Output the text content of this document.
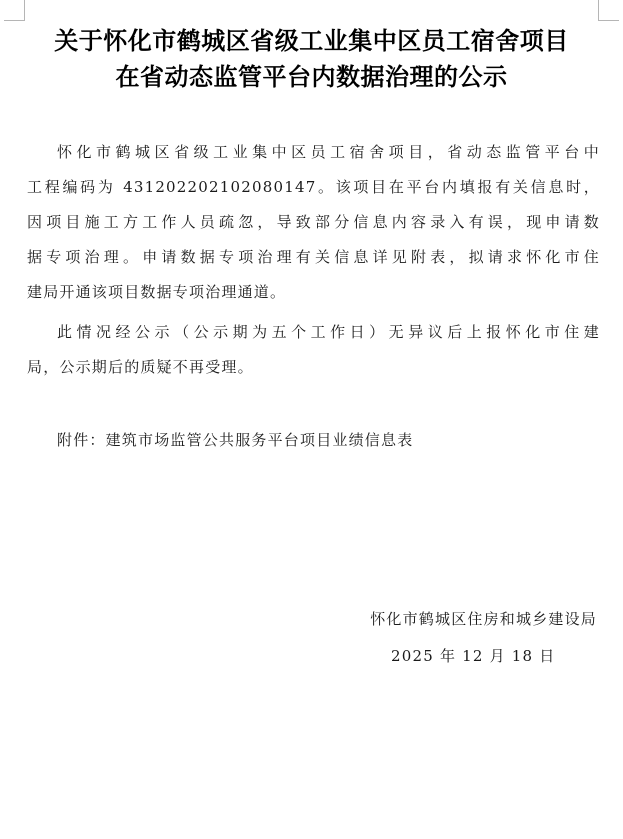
关于怀化市鹤城区省级工业集中区员工宿舍项目
在省动态监管平台内数据治理的公示
怀化市鹤城区省级工业集中区员工宿舍项目，省动态监管平台中
工程编码为 431202202102080147。该项目在平台内填报有关信息时，
因项目施工方工作人员疏忽，导致部分信息内容录入有误，现申请数
据专项治理。申请数据专项治理有关信息详见附表，拟请求怀化市住
建局开通该项目数据专项治理通道。
此情况经公示（公示期为五个工作日）无异议后上报怀化市住建
局，公示期后的质疑不再受理。
附件：建筑市场监管公共服务平台项目业绩信息表
怀化市鹤城区住房和城乡建设局
2025 年 12 月 18 日
